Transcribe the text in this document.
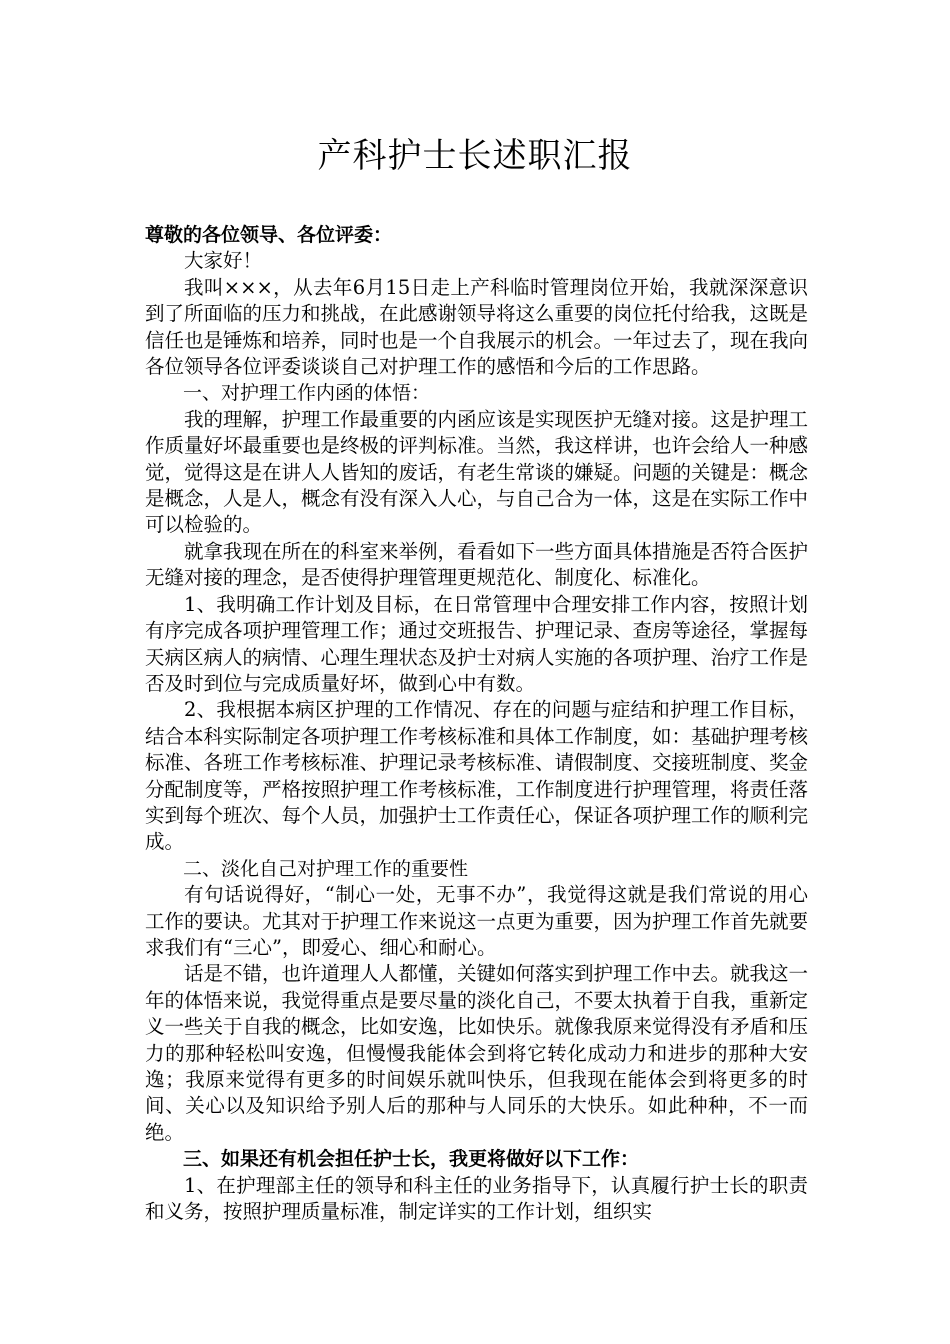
产科护士长述职汇报

尊敬的各位领导、各位评委：

大家好！

我叫×××，从去年6月15日走上产科临时管理岗位开始，我就深深意识到了所面临的压力和挑战，在此感谢领导将这么重要的岗位托付给我，这既是信任也是锤炼和培养，同时也是一个自我展示的机会。一年过去了，现在我向各位领导各位评委谈谈自己对护理工作的感悟和今后的工作思路。

一、对护理工作内函的体悟：

我的理解，护理工作最重要的内函应该是实现医护无缝对接。这是护理工作质量好坏最重要也是终极的评判标准。当然，我这样讲，也许会给人一种感觉，觉得这是在讲人人皆知的废话，有老生常谈的嫌疑。问题的关键是：概念是概念，人是人，概念有没有深入人心，与自己合为一体，这是在实际工作中可以检验的。

就拿我现在所在的科室来举例，看看如下一些方面具体措施是否符合医护无缝对接的理念，是否使得护理管理更规范化、制度化、标准化。

1、我明确工作计划及目标，在日常管理中合理安排工作内容，按照计划有序完成各项护理管理工作；通过交班报告、护理记录、查房等途径，掌握每天病区病人的病情、心理生理状态及护士对病人实施的各项护理、治疗工作是否及时到位与完成质量好坏，做到心中有数。

2、我根据本病区护理的工作情况、存在的问题与症结和护理工作目标，结合本科实际制定各项护理工作考核标准和具体工作制度，如：基础护理考核标准、各班工作考核标准、护理记录考核标准、请假制度、交接班制度、奖金分配制度等，严格按照护理工作考核标准，工作制度进行护理管理，将责任落实到每个班次、每个人员，加强护士工作责任心，保证各项护理工作的顺利完成。

二、淡化自己对护理工作的重要性

有句话说得好，“制心一处，无事不办”，我觉得这就是我们常说的用心工作的要诀。尤其对于护理工作来说这一点更为重要，因为护理工作首先就要求我们有“三心”，即爱心、细心和耐心。

话是不错，也许道理人人都懂，关键如何落实到护理工作中去。就我这一年的体悟来说，我觉得重点是要尽量的淡化自己，不要太执着于自我，重新定义一些关于自我的概念，比如安逸，比如快乐。就像我原来觉得没有矛盾和压力的那种轻松叫安逸，但慢慢我能体会到将它转化成动力和进步的那种大安逸；我原来觉得有更多的时间娱乐就叫快乐，但我现在能体会到将更多的时间、关心以及知识给予别人后的那种与人同乐的大快乐。如此种种，不一而绝。

三、如果还有机会担任护士长，我更将做好以下工作：

1、在护理部主任的领导和科主任的业务指导下，认真履行护士长的职责和义务，按照护理质量标准，制定详实的工作计划，组织实
